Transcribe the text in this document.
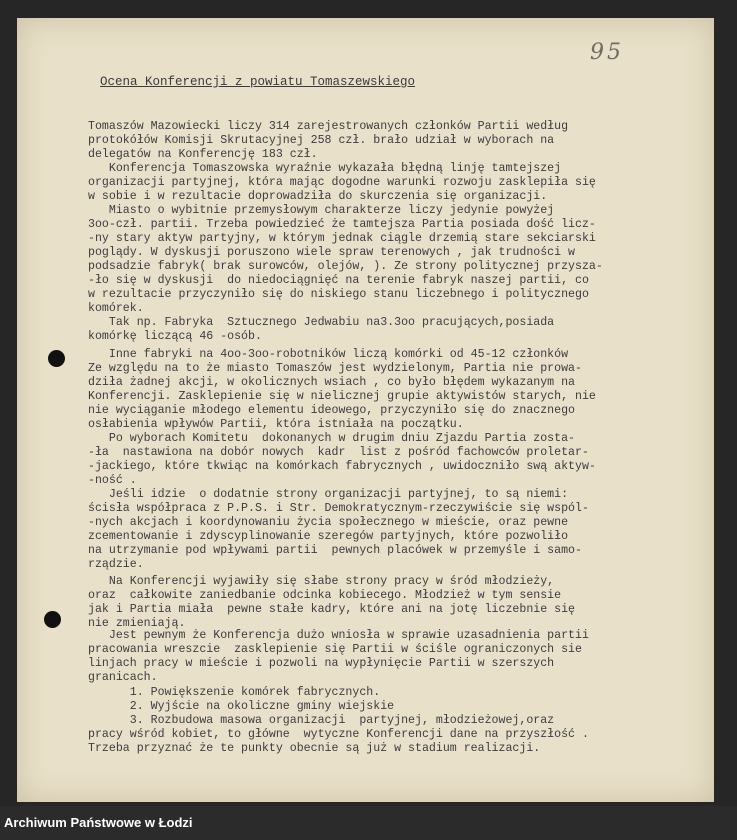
95
Ocena Konferencji z powiatu Tomaszewskiego
Tomaszów Mazowiecki liczy 314 zarejestrowanych członków Partii według
protokółów Komisji Skrutacyjnej 258 czł. brało udział w wyborach na
delegatów na Konferencję 183 czł.
Konferencja Tomaszowska wyraźnie wykazała błędną linję tamtejszej
organizacji partyjnej, która mając dogodne warunki rozwoju zasklepiła się
w sobie i w rezultacie doprowadziła do skurczenia się organizacji.
Miasto o wybitnie przemysłowym charakterze liczy jedynie powyżej
3oo-czł. partii. Trzeba powiedzieć że tamtejsza Partia posiada dość licz-
-ny stary aktyw partyjny, w którym jednak ciągle drzemią stare sekciarski
poglądy. W dyskusji poruszono wiele spraw terenowych , jak trudności w
podsadzie fabryk( brak surowców, olejów, ). Ze strony politycznej przysza-
-ło się w dyskusji  do niedociągnięć na terenie fabryk naszej partii, co
w rezultacie przyczyniło się do niskiego stanu liczebnego i politycznego
komórek.
Tak np. Fabryka  Sztucznego Jedwabiu na3.3oo pracujących,posiada
komórkę liczącą 46 -osób.
Inne fabryki na 4oo-3oo-robotników liczą komórki od 45-12 członków
Ze względu na to że miasto Tomaszów jest wydzielonym, Partia nie prowa-
dziła żadnej akcji, w okolicznych wsiach , co było błędem wykazanym na
Konferencji. Zasklepienie się w nielicznej grupie aktywistów starych, nie
nie wyciąganie młodego elementu ideowego, przyczyniło się do znacznego
osłabienia wpływów Partii, która istniała na początku.
Po wyborach Komitetu  dokonanych w drugim dniu Zjazdu Partia zosta-
-ła  nastawiona na dobór nowych  kadr  list z pośród fachowców proletar-
-jackiego, które tkwiąc na komórkach fabrycznych , uwidoczniło swą aktyw-
-ność .
Jeśli idzie  o dodatnie strony organizacji partyjnej, to są niemi:
ścisła współpraca z P.P.S. i Str. Demokratycznym-rzeczywiście się wspól-
-nych akcjach i koordynowaniu życia społecznego w mieście, oraz pewne
zcementowanie i zdyscyplinowanie szeregów partyjnych, które pozwoliło
na utrzymanie pod wpływami partii  pewnych placówek w przemyśle i samo-
rządzie.
Na Konferencji wyjawiły się słabe strony pracy w śród młodzieży,
oraz  całkowite zaniedbanie odcinka kobiecego. Młodzież w tym sensie
jak i Partia miała  pewne stałe kadry, które ani na jotę liczebnie się
nie zmieniają.
Jest pewnym że Konferencja dużo wniosła w sprawie uzasadnienia partii
pracowania wreszcie  zasklepienie się Partii w ściśle ograniczonych sie
linjach pracy w mieście i pozwoli na wypłynięcie Partii w szerszych
granicach.
1. Powiększenie komórek fabrycznych.
2. Wyjście na okoliczne gminy wiejskie
3. Rozbudowa masowa organizacji  partyjnej, młodzieżowej,oraz
pracy wśród kobiet, to główne  wytyczne Konferencji dane na przyszłość .
Trzeba przyznać że te punkty obecnie są już w stadium realizacji.
Archiwum Państwowe w Łodzi
